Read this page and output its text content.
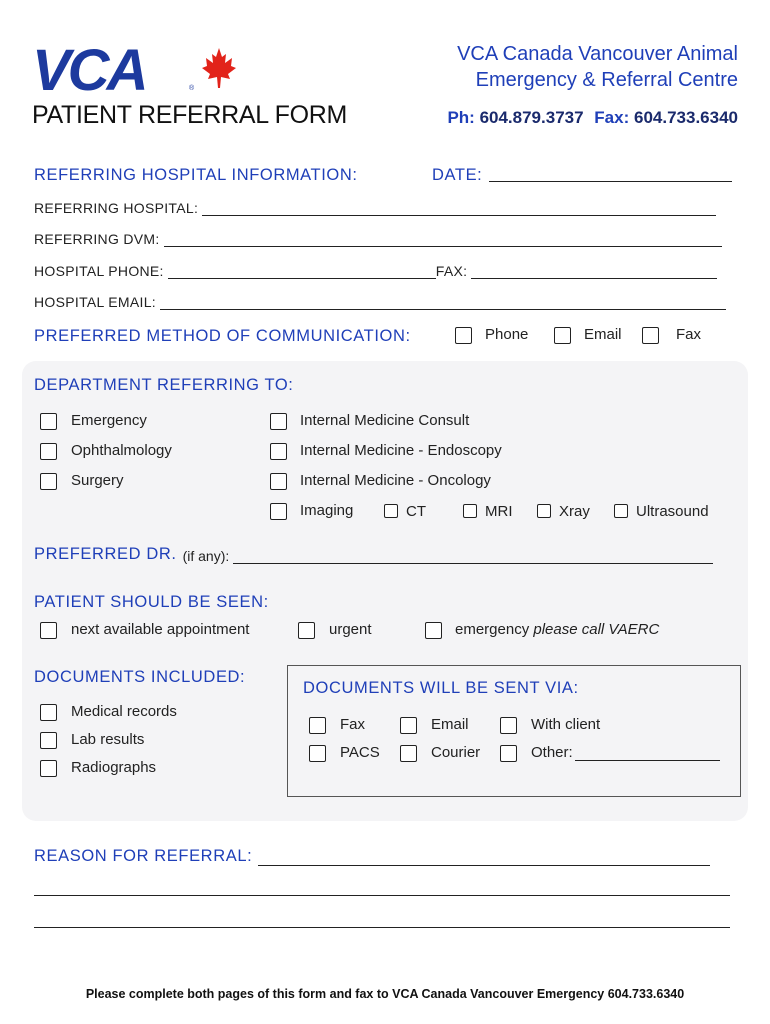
VCA	®
PATIENT REFERRAL FORM
VCA Canada Vancouver Animal
Emergency & Referral Centre
Ph: 604.879.3737 Fax: 604.733.6340
REFERRING HOSPITAL INFORMATION:	DATE:
REFERRING HOSPITAL:
REFERRING DVM:
HOSPITAL PHONE:	FAX:
HOSPITAL EMAIL:
PREFERRED METHOD OF COMMUNICATION:	Phone	Email	Fax
DEPARTMENT REFERRING TO:
Emergency
Ophthalmology
Surgery
Internal Medicine Consult
Internal Medicine - Endoscopy
Internal Medicine - Oncology
Imaging	CT	MRI	Xray	Ultrasound
PREFERRED DR. (if any):
PATIENT SHOULD BE SEEN:
next available appointment	urgent	emergency please call VAERC
DOCUMENTS INCLUDED:
Medical records
Lab results
Radiographs
DOCUMENTS WILL BE SENT VIA:
Fax	Email	With client
PACS	Courier	Other:
REASON FOR REFERRAL:
Please complete both pages of this form and fax to VCA Canada Vancouver Emergency 604.733.6340
